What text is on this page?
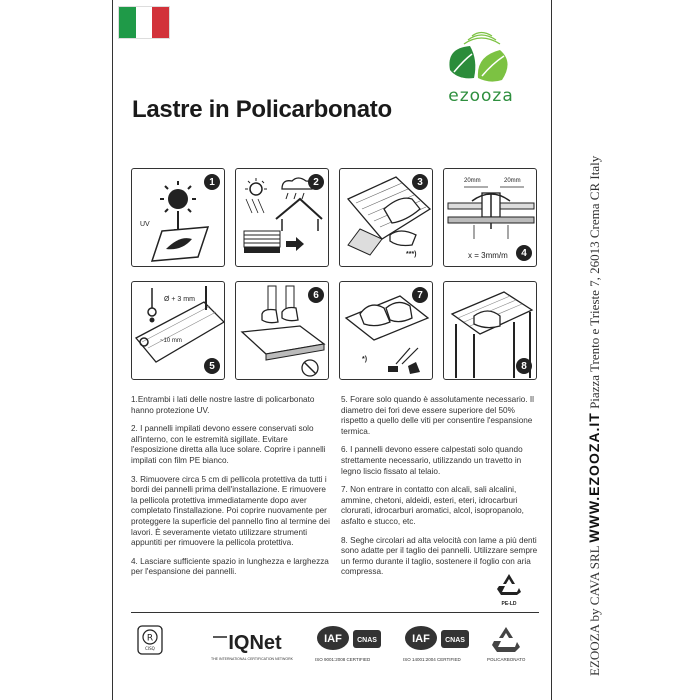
ezooza
Lastre in Policarbonato
UV
1	2
***)
3	20mm	20mm
x = 3mm/m	4
Ø + 3 mm
~10 mm
5
6
*)
7
8

1.Entrambi i lati delle nostre lastre di policarbonato hanno protezione UV.

2. I pannelli impilati devono essere conservati solo all'interno, con le estremità sigillate. Evitare l'esposizione diretta alla luce solare. Coprire i pannelli impilati con film PE bianco.

3. Rimuovere circa 5 cm di pellicola protettiva da tutti i bordi dei pannelli prima dell'installazione. E rimuovere la pellicola protettiva immediatamente dopo aver completato l'installazione. Poi coprire nuovamente per proteggere la superficie del pannello fino al termine dei lavori. È severamente vietato utilizzare strumenti appuntiti per rimuovere la pellicola protettiva.

4. Lasciare sufficiente spazio in lunghezza e larghezza per l'espansione dei pannelli.

5. Forare solo quando è assolutamente necessario. Il diametro dei fori deve essere superiore del 50% rispetto a quello delle viti per consentire l'espansione termica.

6. I pannelli devono essere calpestati solo quando strettamente necessario, utilizzando un travetto in legno liscio fissato al telaio.

7. Non entrare in contatto con alcali, sali alcalini, ammine, chetoni, aldeidi, esteri, eteri, idrocarburi clorurati, idrocarburi aromatici, alcol, isopropanolo, asfalto e stucco, etc.

8. Seghe circolari ad alta velocità con lame a più denti sono adatte per il taglio dei pannelli. Utilizzare sempre un fermo durante il taglio, sostenere il foglio con aria compressa.

4
PE-LD
R
CISQ	IQNet
THE INTERNATIONAL CERTIFICATION NETWORK
IAF CNAS
ISO 9001:2008 CERTIFIED
IAF CNAS
ISO 14001:2004 CERTIFIED	POLICARBONATO	EZOOZA by CAVA SRL WWW.EZOOZA.IT Piazza Trento e Trieste 7, 26013 Crema CR Italy
